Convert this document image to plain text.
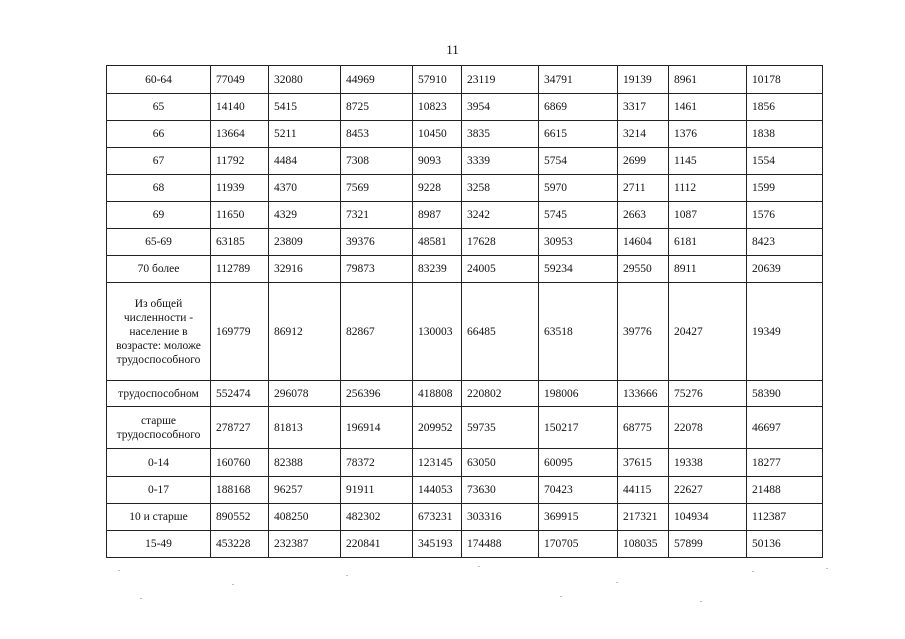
11
60-64	77049	32080	44969	57910	23119	34791	19139	8961	10178
65	14140	5415	8725	10823	3954	6869	3317	1461	1856
66	13664	5211	8453	10450	3835	6615	3214	1376	1838
67	11792	4484	7308	9093	3339	5754	2699	1145	1554
68	11939	4370	7569	9228	3258	5970	2711	1112	1599
69	11650	4329	7321	8987	3242	5745	2663	1087	1576
65-69	63185	23809	39376	48581	17628	30953	14604	6181	8423
70 более	112789	32916	79873	83239	24005	59234	29550	8911	20639
Из общей численности - население в возрасте: моложе трудоспособного	169779	86912	82867	130003	66485	63518	39776	20427	19349
трудоспособном	552474	296078	256396	418808	220802	198006	133666	75276	58390
старше трудоспособного	278727	81813	196914	209952	59735	150217	68775	22078	46697
0-14	160760	82388	78372	123145	63050	60095	37615	19338	18277
0-17	188168	96257	91911	144053	73630	70423	44115	22627	21488
10 и старше	890552	408250	482302	673231	303316	369915	217321	104934	112387
15-49	453228	232387	220841	345193	174488	170705	108035	57899	50136
